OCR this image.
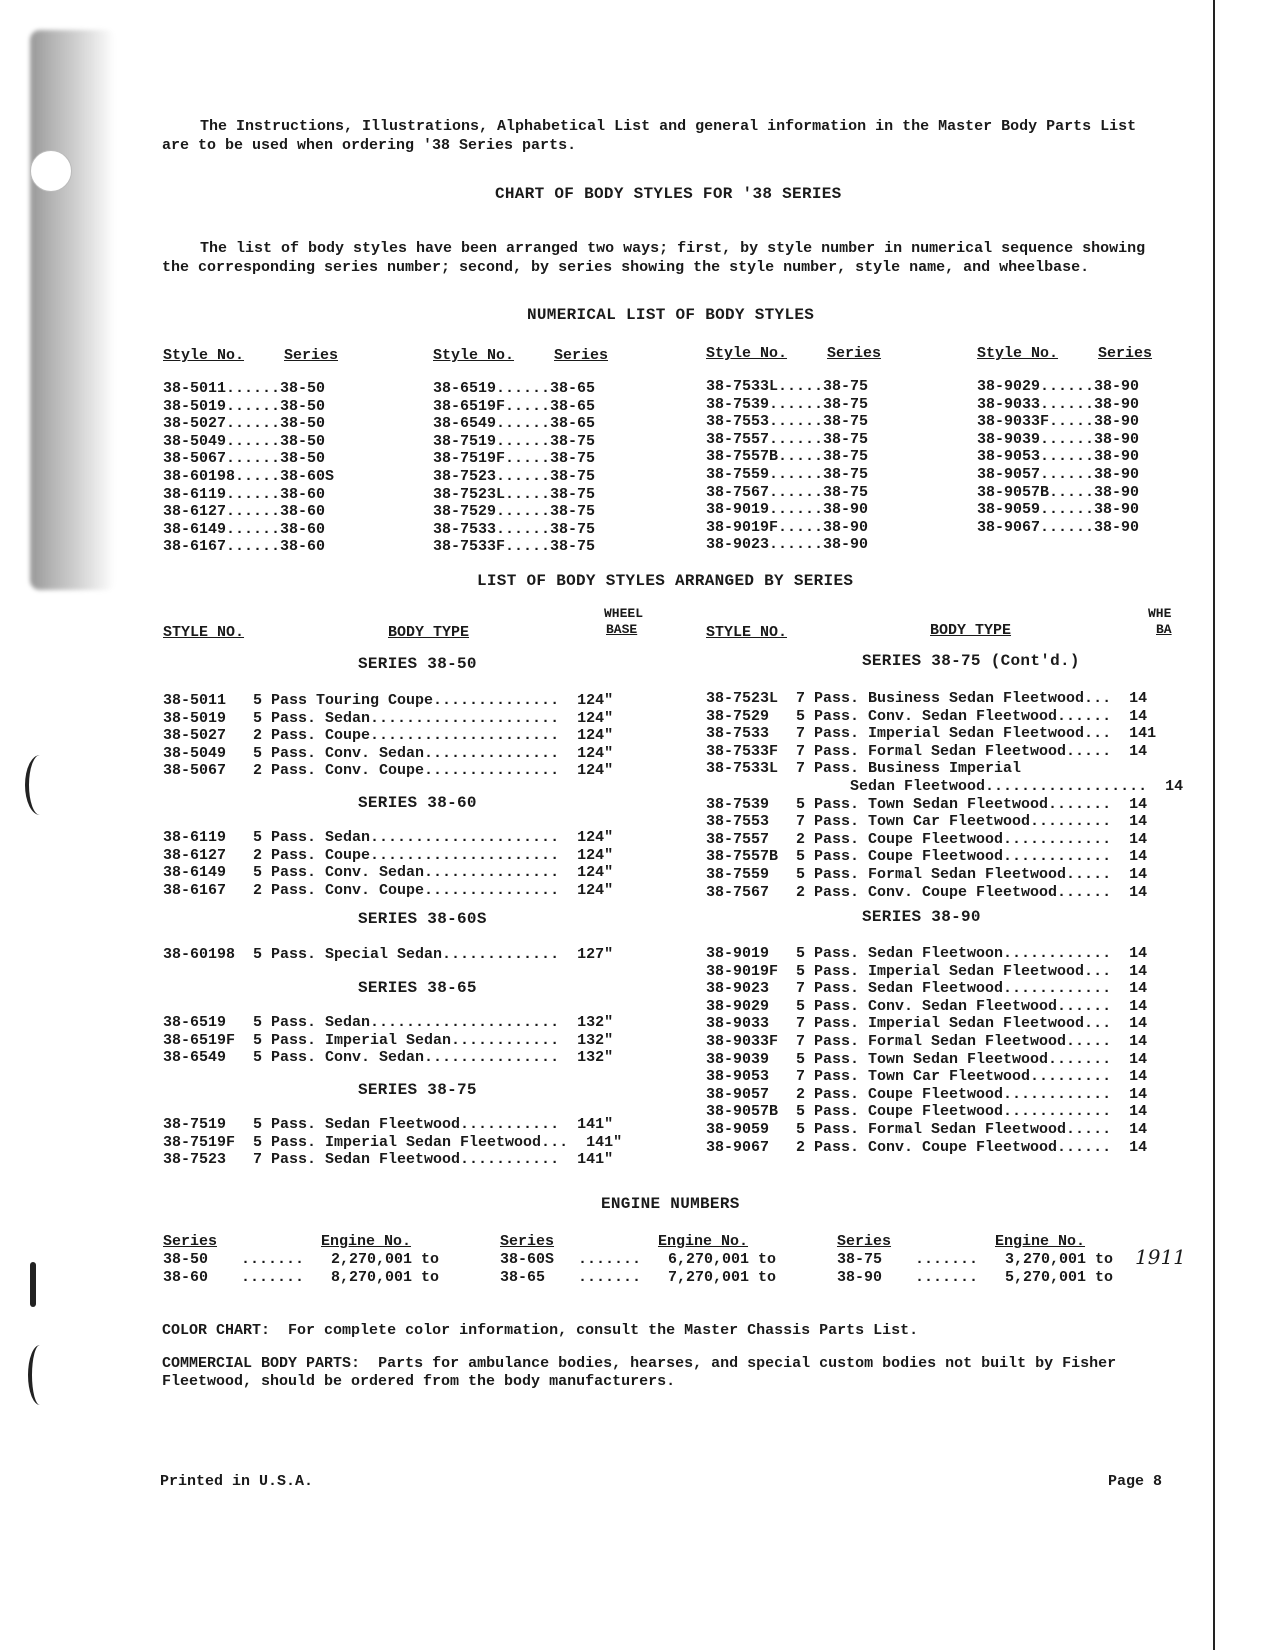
The Instructions, Illustrations, Alphabetical List and general information in the Master Body Parts List
are to be used when ordering '38 Series parts.
CHART OF BODY STYLES FOR '38 SERIES
The list of body styles have been arranged two ways; first, by style number in numerical sequence showing
the corresponding series number; second, by series showing the style number, style name, and wheelbase.
NUMERICAL LIST OF BODY STYLES
Style No.	Series	Style No.	Series	Style No.	Series	Style No.	Series
38-5011......38-50
38-5019......38-50
38-5027......38-50
38-5049......38-50
38-5067......38-50
38-60198.....38-60S
38-6119......38-60
38-6127......38-60
38-6149......38-60
38-6167......38-60
38-6519......38-65
38-6519F.....38-65
38-6549......38-65
38-7519......38-75
38-7519F.....38-75
38-7523......38-75
38-7523L.....38-75
38-7529......38-75
38-7533......38-75
38-7533F.....38-75
38-7533L.....38-75
38-7539......38-75
38-7553......38-75
38-7557......38-75
38-7557B.....38-75
38-7559......38-75
38-7567......38-75
38-9019......38-90
38-9019F.....38-90
38-9023......38-90
38-9029......38-90
38-9033......38-90
38-9033F.....38-90
38-9039......38-90
38-9053......38-90
38-9057......38-90
38-9057B.....38-90
38-9059......38-90
38-9067......38-90
LIST OF BODY STYLES ARRANGED BY SERIES
STYLE NO.	BODY TYPE
WHEEL
BASE	STYLE NO.	BODY TYPE
WHE
BA
SERIES 38-50
38-5011   5 Pass Touring Coupe..............  124"
38-5019   5 Pass. Sedan.....................  124"
38-5027   2 Pass. Coupe.....................  124"
38-5049   5 Pass. Conv. Sedan...............  124"
38-5067   2 Pass. Conv. Coupe...............  124"
SERIES 38-60
38-6119   5 Pass. Sedan.....................  124"
38-6127   2 Pass. Coupe.....................  124"
38-6149   5 Pass. Conv. Sedan...............  124"
38-6167   2 Pass. Conv. Coupe...............  124"
SERIES 38-60S
38-60198  5 Pass. Special Sedan.............  127"
SERIES 38-65
38-6519   5 Pass. Sedan.....................  132"
38-6519F  5 Pass. Imperial Sedan............  132"
38-6549   5 Pass. Conv. Sedan...............  132"
SERIES 38-75
38-7519   5 Pass. Sedan Fleetwood...........  141"
38-7519F  5 Pass. Imperial Sedan Fleetwood...  141"
38-7523   7 Pass. Sedan Fleetwood...........  141"
SERIES 38-75 (Cont'd.)
38-7523L  7 Pass. Business Sedan Fleetwood...  14
38-7529   5 Pass. Conv. Sedan Fleetwood......  14
38-7533   7 Pass. Imperial Sedan Fleetwood...  141
38-7533F  7 Pass. Formal Sedan Fleetwood.....  14
38-7533L  7 Pass. Business Imperial
Sedan Fleetwood..................  14
38-7539   5 Pass. Town Sedan Fleetwood.......  14
38-7553   7 Pass. Town Car Fleetwood.........  14
38-7557   2 Pass. Coupe Fleetwood............  14
38-7557B  5 Pass. Coupe Fleetwood............  14
38-7559   5 Pass. Formal Sedan Fleetwood.....  14
38-7567   2 Pass. Conv. Coupe Fleetwood......  14
SERIES 38-90
38-9019   5 Pass. Sedan Fleetwoon............  14
38-9019F  5 Pass. Imperial Sedan Fleetwood...  14
38-9023   7 Pass. Sedan Fleetwood............  14
38-9029   5 Pass. Conv. Sedan Fleetwood......  14
38-9033   7 Pass. Imperial Sedan Fleetwood...  14
38-9033F  7 Pass. Formal Sedan Fleetwood.....  14
38-9039   5 Pass. Town Sedan Fleetwood.......  14
38-9053   7 Pass. Town Car Fleetwood.........  14
38-9057   2 Pass. Coupe Fleetwood............  14
38-9057B  5 Pass. Coupe Fleetwood............  14
38-9059   5 Pass. Formal Sedan Fleetwood.....  14
38-9067   2 Pass. Conv. Coupe Fleetwood......  14
ENGINE NUMBERS
Series	Engine No.
38-50 ....... 2,270,001 to
38-60 ....... 8,270,001 to
Series	Engine No.
38-60S ....... 6,270,001 to
38-65 ....... 7,270,001 to
Series	Engine No.
38-75 ....... 3,270,001 to
38-90 ....... 5,270,001 to
1911
COLOR CHART: For complete color information, consult the Master Chassis Parts List.
COMMERCIAL BODY PARTS: Parts for ambulance bodies, hearses, and special custom bodies not built by Fisher
Fleetwood, should be ordered from the body manufacturers.
Printed in U.S.A.	Page 8
